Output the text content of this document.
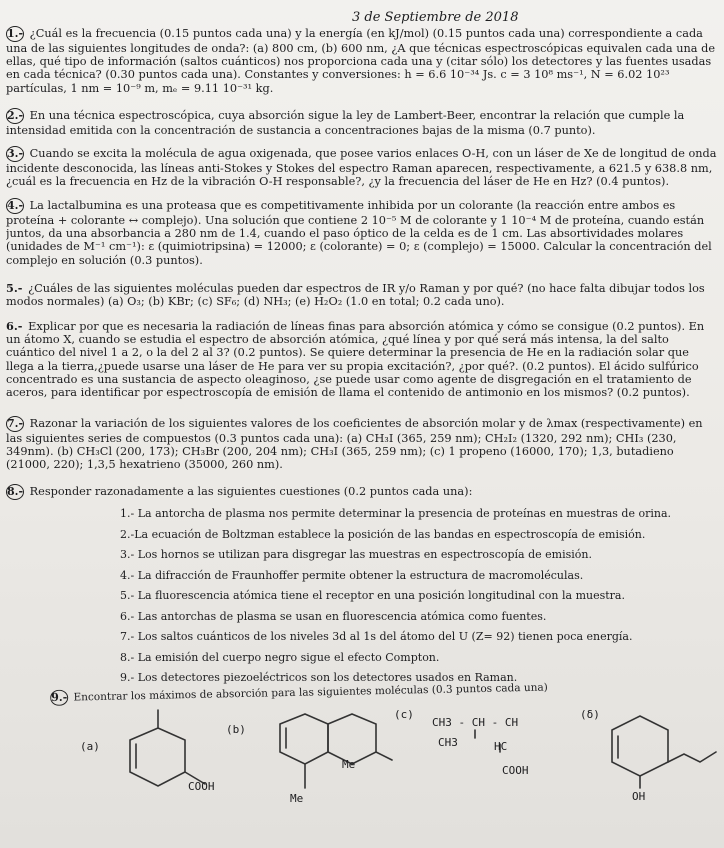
3 de Septiembre de 2018
1.- ¿Cuál es la frecuencia (0.15 puntos cada una) y la energía (en kJ/mol) (0.15 puntos cada una) correspondiente a cada una de las siguientes longitudes de onda?: (a) 800 cm, (b) 600 nm, ¿A que técnicas espectroscópicas equivalen cada una de ellas, qué tipo de información (saltos cuánticos) nos proporciona cada una y (citar sólo) los detectores y las fuentes usadas en cada técnica? (0.30 puntos cada una). Constantes y conversiones: h = 6.6 10⁻³⁴ Js. c = 3 10⁸ ms⁻¹, N = 6.02 10²³ partículas, 1 nm = 10⁻⁹ m, mₑ = 9.11 10⁻³¹ kg.
2.- En una técnica espectroscópica, cuya absorción sigue la ley de Lambert-Beer, encontrar la relación que cumple la intensidad emitida con la concentración de sustancia a concentraciones bajas de la misma (0.7 punto).
3.- Cuando se excita la molécula de agua oxigenada, que posee varios enlaces O-H, con un láser de Xe de longitud de onda incidente desconocida, las líneas anti-Stokes y Stokes del espectro Raman aparecen, respectivamente, a 621.5 y 638.8 nm, ¿cuál es la frecuencia en Hz de la vibración O-H responsable?, ¿y la frecuencia del láser de He en Hz? (0.4 puntos).
4.- La lactalbumina es una proteasa que es competitivamente inhibida por un colorante (la reacción entre ambos es proteína + colorante ↔ complejo). Una solución que contiene 2 10⁻⁵ M de colorante y 1 10⁻⁴ M de proteína, cuando están juntos, da una absorbancia a 280 nm de 1.4, cuando el paso óptico de la celda es de 1 cm. Las absortividades molares (unidades de M⁻¹ cm⁻¹): ε (quimiotripsina) = 12000; ε (colorante) = 0; ε (complejo) = 15000. Calcular la concentración del complejo en solución (0.3 puntos).
5.- ¿Cuáles de las siguientes moléculas pueden dar espectros de IR y/o Raman y por qué? (no hace falta dibujar todos los modos normales) (a) O₃; (b) KBr; (c) SF₆; (d) NH₃; (e) H₂O₂ (1.0 en total; 0.2 cada uno).
6.- Explicar por que es necesaria la radiación de líneas finas para absorción atómica y cómo se consigue (0.2 puntos). En un átomo X, cuando se estudia el espectro de absorción atómica, ¿qué línea y por qué será más intensa, la del salto cuántico del nivel 1 a 2, o la del 2 al 3? (0.2 puntos). Se quiere determinar la presencia de He en la radiación solar que llega a la tierra,¿puede usarse una láser de He para ver su propia excitación?, ¿por qué?. (0.2 puntos). El ácido sulfúrico concentrado es una sustancia de aspecto oleaginoso, ¿se puede usar como agente de disgregación en el tratamiento de aceros, para identificar por espectroscopía de emisión de llama el contenido de antimonio en los mismos? (0.2 puntos).
7.- Razonar la variación de los siguientes valores de los coeficientes de absorción molar y de λmax (respectivamente) en las siguientes series de compuestos (0.3 puntos cada una): (a) CH₃I (365, 259 nm); CH₂I₂ (1320, 292 nm); CHI₃ (230, 349nm). (b) CH₃Cl (200, 173); CH₃Br (200, 204 nm); CH₃I (365, 259 nm); (c) 1 propeno (16000, 170); 1,3, butadieno (21000, 220); 1,3,5 hexatrieno (35000, 260 nm).
8.- Responder razonadamente a las siguientes cuestiones (0.2 puntos cada una):
1.- La antorcha de plasma nos permite determinar la presencia de proteínas en muestras de orina.
2.-La ecuación de Boltzman establece la posición de las bandas en espectroscopía de emisión.
3.- Los hornos se utilizan para disgregar las muestras en espectroscopía de emisión.
4.- La difracción de Fraunhoffer permite obtener la estructura de macromoléculas.
5.- La fluorescencia atómica tiene el receptor en una posición longitudinal con la muestra.
6.- Las antorchas de plasma se usan en fluorescencia atómica como fuentes.
7.- Los saltos cuánticos de los niveles 3d al 1s del átomo del U (Z= 92) tienen poca energía.
8.- La emisión del cuerpo negro sigue el efecto Compton.
9.- Los detectores piezoeléctricos son los detectores usados en Raman.
9.- Encontrar los máximos de absorción para las siguientes moléculas (0.3 puntos cada una)
(a)
(b)
(c)	(δ)
COOH
Me
Me
CH3 - CH - CH
CH3	HC
COOH
OH
